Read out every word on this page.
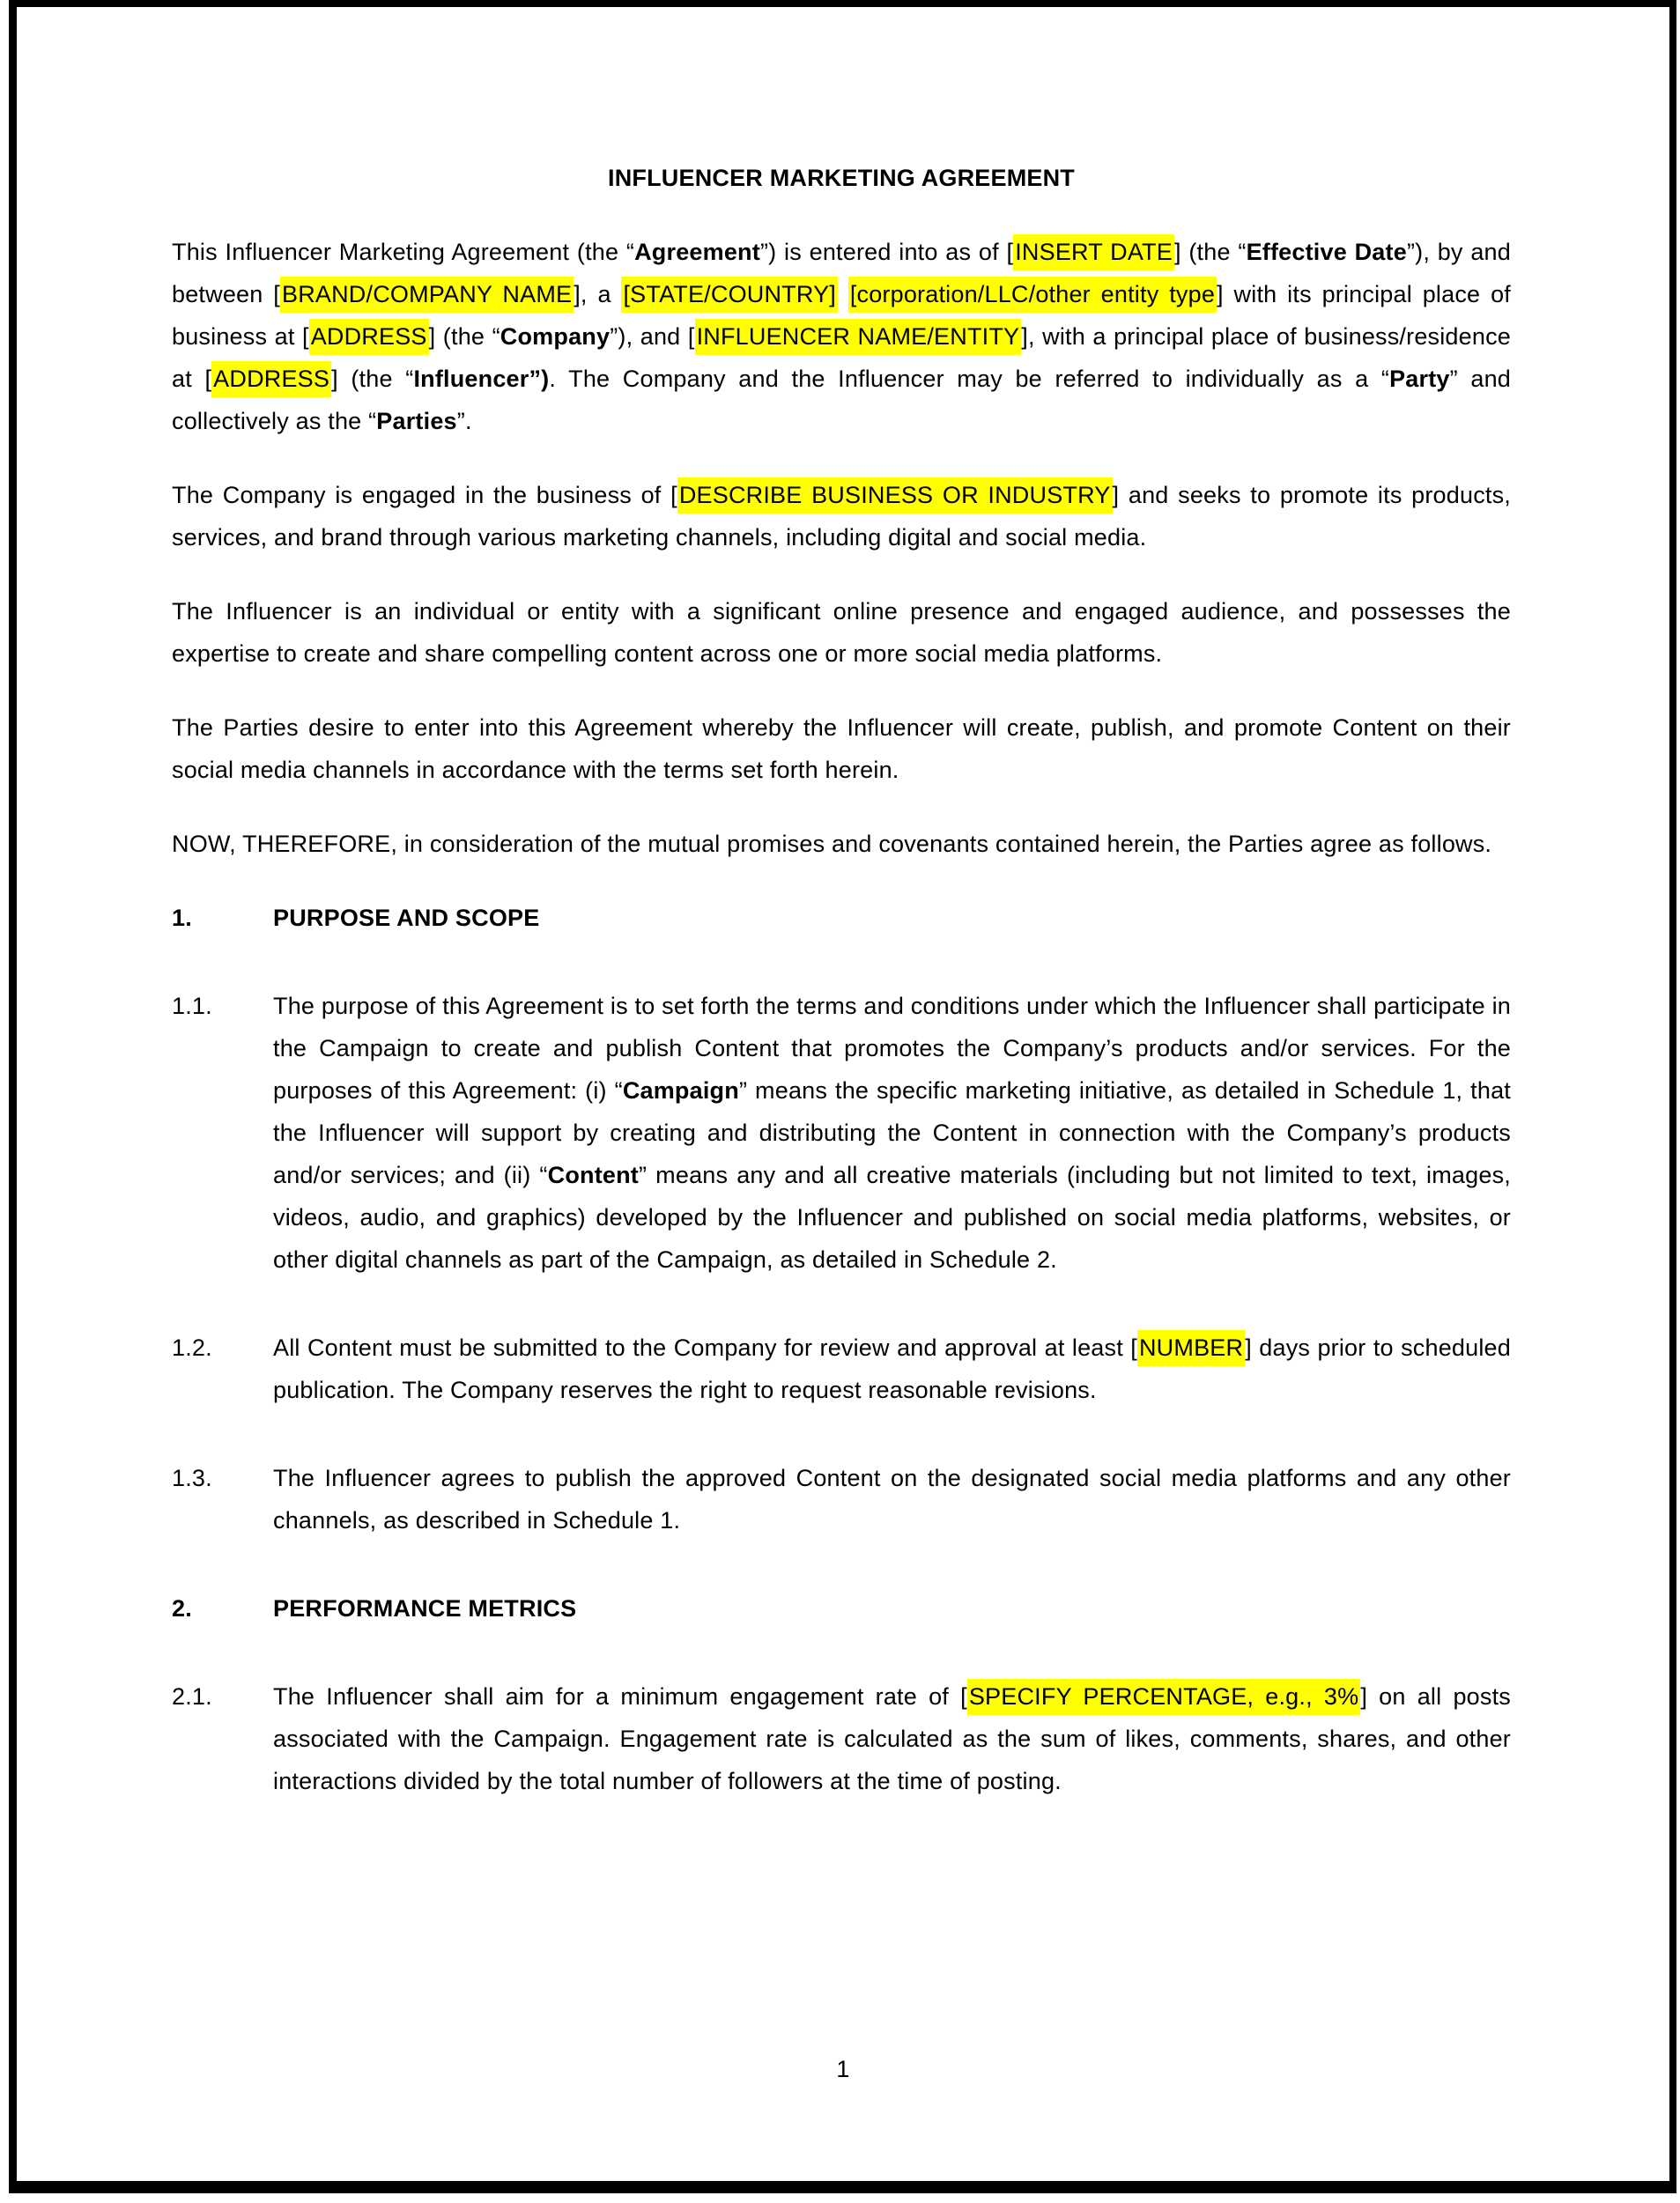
INFLUENCER MARKETING AGREEMENT

This Influencer Marketing Agreement (the “Agreement”) is entered into as of [INSERT DATE] (the “Effective Date”), by and between [BRAND/COMPANY NAME], a [STATE/COUNTRY] [corporation/LLC/other entity type] with its principal place of business at [ADDRESS] (the “Company”), and [INFLUENCER NAME/ENTITY], with a principal place of business/residence at [ADDRESS] (the “Influencer”). The Company and the Influencer may be referred to individually as a “Party” and collectively as the “Parties”.

The Company is engaged in the business of [DESCRIBE BUSINESS OR INDUSTRY] and seeks to promote its products, services, and brand through various marketing channels, including digital and social media.

The Influencer is an individual or entity with a significant online presence and engaged audience, and possesses the expertise to create and share compelling content across one or more social media platforms.

The Parties desire to enter into this Agreement whereby the Influencer will create, publish, and promote Content on their social media channels in accordance with the terms set forth herein.

NOW, THEREFORE, in consideration of the mutual promises and covenants contained herein, the Parties agree as follows.

1.	PURPOSE AND SCOPE
1.1.	The purpose of this Agreement is to set forth the terms and conditions under which the Influencer shall participate in the Campaign to create and publish Content that promotes the Company’s products and/or services. For the purposes of this Agreement: (i) “Campaign” means the specific marketing initiative, as detailed in Schedule 1, that the Influencer will support by creating and distributing the Content in connection with the Company’s products and/or services; and (ii) “Content” means any and all creative materials (including but not limited to text, images, videos, audio, and graphics) developed by the Influencer and published on social media platforms, websites, or other digital channels as part of the Campaign, as detailed in Schedule 2.
1.2.	All Content must be submitted to the Company for review and approval at least [NUMBER] days prior to scheduled publication. The Company reserves the right to request reasonable revisions.
1.3.	The Influencer agrees to publish the approved Content on the designated social media platforms and any other channels, as described in Schedule 1.
2.	PERFORMANCE METRICS
2.1.	The Influencer shall aim for a minimum engagement rate of [SPECIFY PERCENTAGE, e.g., 3%] on all posts associated with the Campaign. Engagement rate is calculated as the sum of likes, comments, shares, and other interactions divided by the total number of followers at the time of posting.
1
